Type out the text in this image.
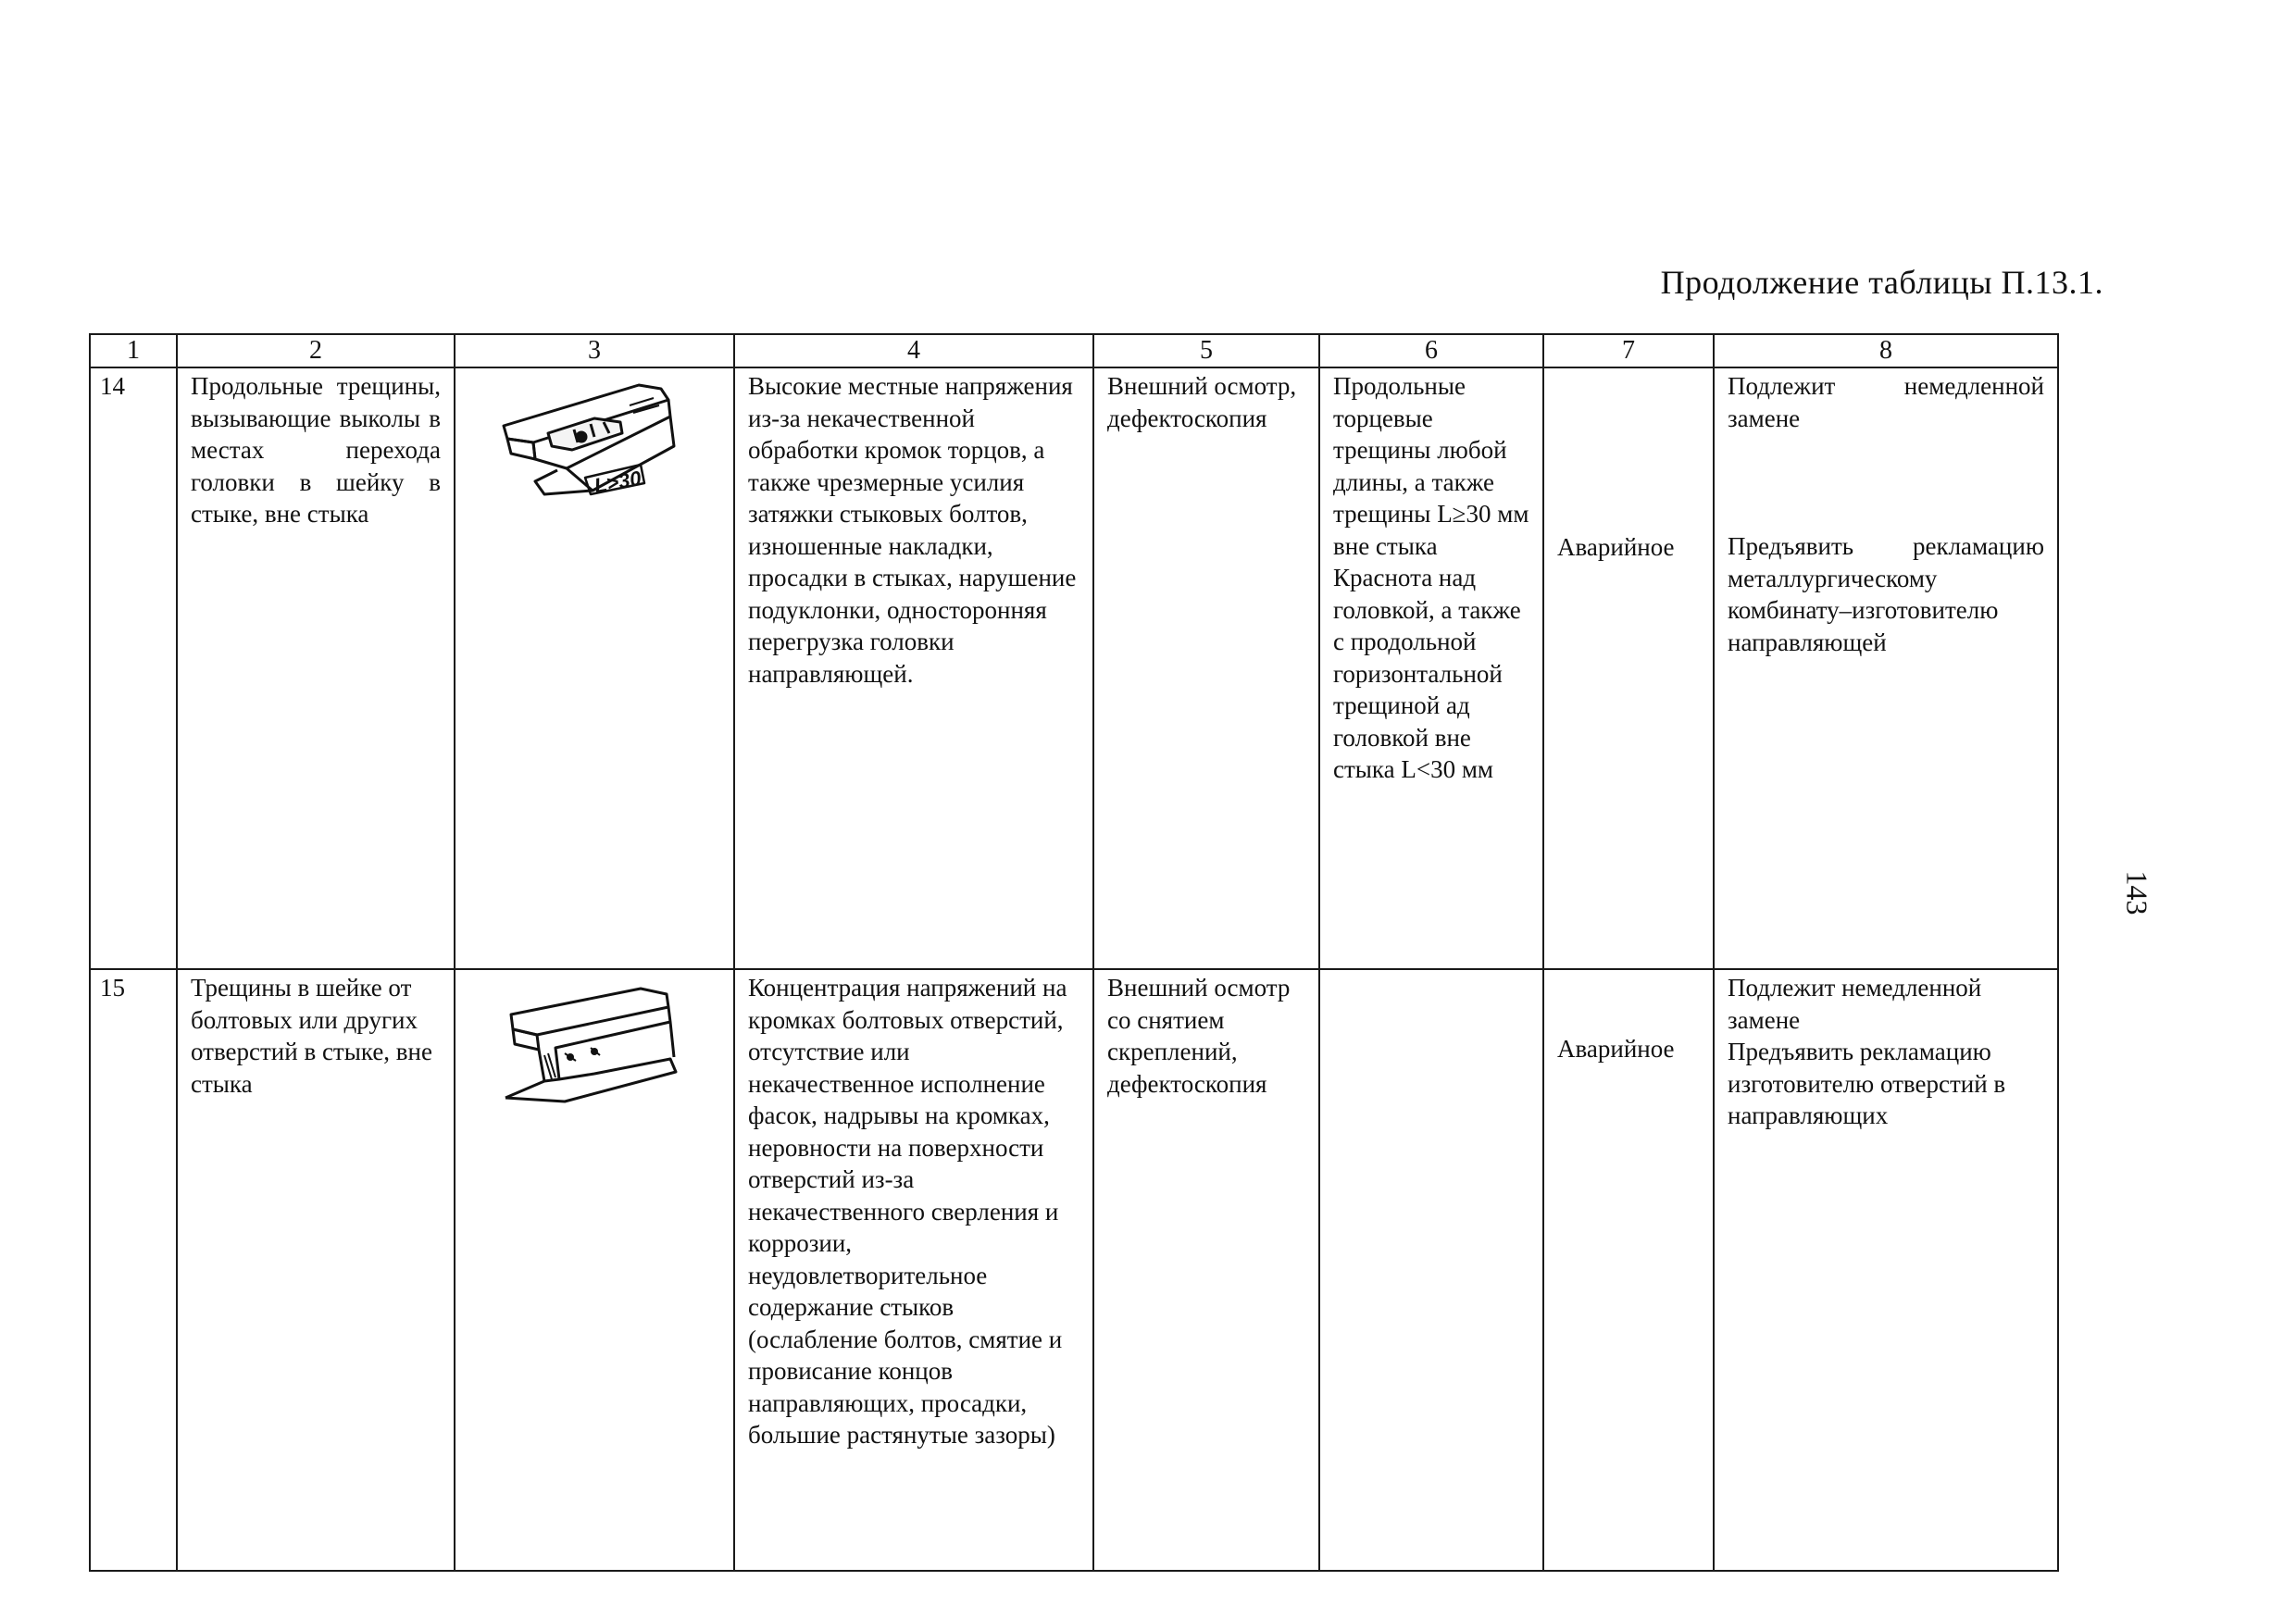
Продолжение таблицы П.13.1.
1	2	3	4	5	6	7	8
14	Продольные трещины, вызывающие выколы в местах перехода головки в шейку в стыке, вне стыка	L>30	Высокие местные напряжения из-за некачественной обработки кромок торцов, а также чрезмерные усилия затяжки стыковых болтов, изношенные накладки, просадки в стыках, нарушение подуклонки, односторонняя перегрузка головки направляющей.	Внешний осмотр, дефектоскопия	Продольные торцевые трещины любой длины, а также трещины L≥30 мм вне стыка Краснота над головкой, а также с продольной горизонтальной трещиной ад головкой вне стыка L<30 мм	Аварийное	Подлежит немедленной замене
Предъявить рекламацию металлургическому комбинату–изготовителю направляющей
15	Трещины в шейке от болтовых или других отверстий в стыке, вне стыка		Концентрация напряжений на кромках болтовых отверстий, отсутствие или некачественное исполнение фасок, надрывы на кромках, неровности на поверхности отверстий из-за некачественного сверления и коррозии, неудовлетворительное содержание стыков (ослабление болтов, смятие и провисание концов направляющих, просадки, большие растянутые зазоры)	Внешний осмотр со снятием скреплений, дефектоскопия		Аварийное	Подлежит немедленной замене
Предъявить рекламацию изготовителю отверстий в направляющих
143
